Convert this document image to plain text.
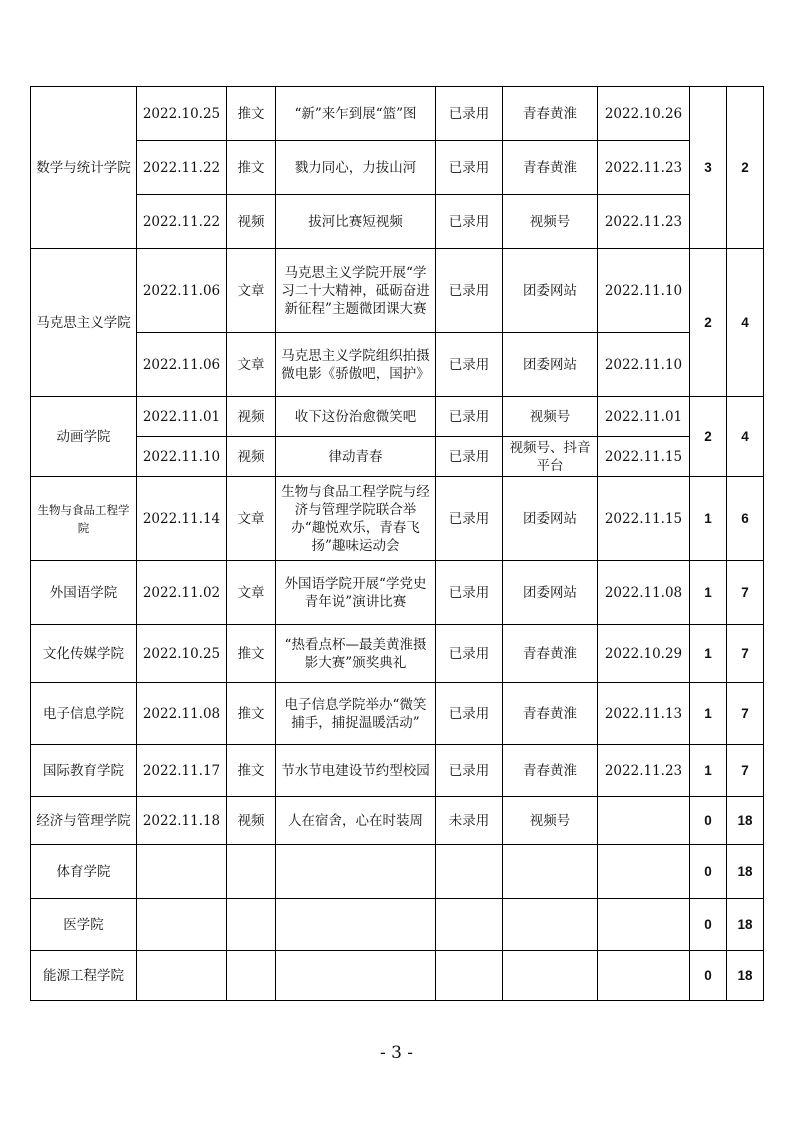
数学与统计学院	2022.10.25	推文	“新”来乍到展“篮”图	已录用	青春黄淮	2022.10.26	3	2
	2022.11.22	推文	戮力同心，力拔山河	已录用	青春黄淮	2022.11.23		
	2022.11.22	视频	拔河比赛短视频	已录用	视频号	2022.11.23		
马克思主义学院	2022.11.06	文章	马克思主义学院开展“学习二十大精神，砥砺奋进新征程”主题微团课大赛	已录用	团委网站	2022.11.10	2	4
	2022.11.06	文章	马克思主义学院组织拍摄微电影《骄傲吧，国护》	已录用	团委网站	2022.11.10		
动画学院	2022.11.01	视频	收下这份治愈微笑吧	已录用	视频号	2022.11.01	2	4
	2022.11.10	视频	律动青春	已录用	视频号、抖音平台	2022.11.15		
生物与食品工程学院	2022.11.14	文章	生物与食品工程学院与经济与管理学院联合举办“趣悦欢乐，青春飞扬”趣味运动会	已录用	团委网站	2022.11.15	1	6
外国语学院	2022.11.02	文章	外国语学院开展“学党史 青年说”演讲比赛	已录用	团委网站	2022.11.08	1	7
文化传媒学院	2022.10.25	推文	“热看点杯—最美黄淮摄影大赛”颁奖典礼	已录用	青春黄淮	2022.10.29	1	7
电子信息学院	2022.11.08	推文	电子信息学院举办“微笑捕手，捕捉温暖活动”	已录用	青春黄淮	2022.11.13	1	7
国际教育学院	2022.11.17	推文	节水节电建设节约型校园	已录用	青春黄淮	2022.11.23	1	7
经济与管理学院	2022.11.18	视频	人在宿舍，心在时装周	未录用	视频号		0	18
体育学院							0	18
医学院							0	18
能源工程学院							0	18
- 3 -
